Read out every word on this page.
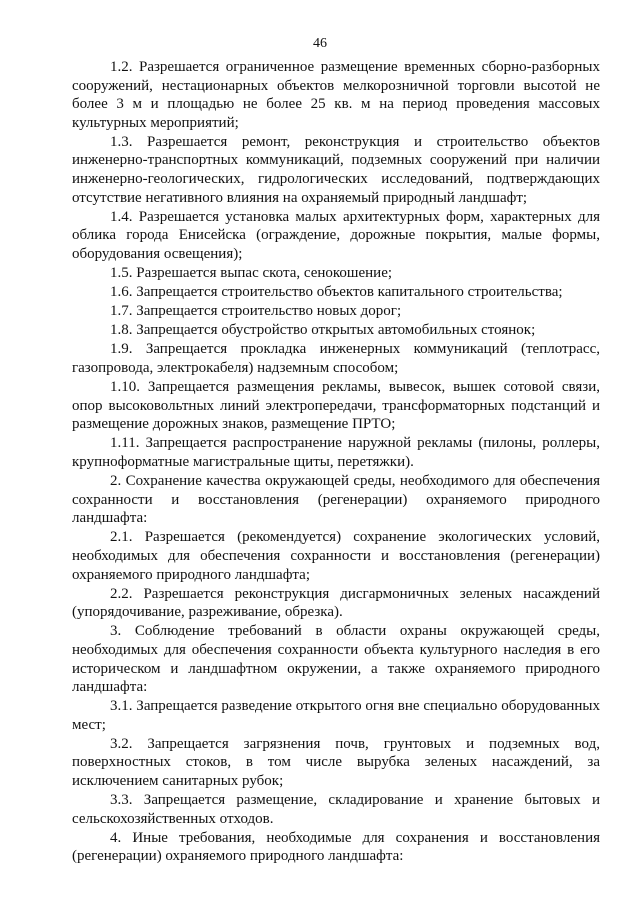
46

1.2. Разрешается ограниченное размещение временных сборно-разборных сооружений, нестационарных объектов мелкорозничной торговли высотой не более 3 м и площадью не более 25 кв. м на период проведения массовых культурных мероприятий;

1.3. Разрешается ремонт, реконструкция и строительство объектов инженерно-транспортных коммуникаций, подземных сооружений при наличии инженерно-геологических, гидрологических исследований, подтверждающих отсутствие негативного влияния на охраняемый природный ландшафт;

1.4. Разрешается установка малых архитектурных форм, характерных для облика города Енисейска (ограждение, дорожные покрытия, малые формы, оборудования освещения);

1.5. Разрешается выпас скота, сенокошение;

1.6. Запрещается строительство объектов капитального строительства;

1.7. Запрещается строительство новых дорог;

1.8. Запрещается обустройство открытых автомобильных стоянок;

1.9. Запрещается прокладка инженерных коммуникаций (теплотрасс, газопровода, электрокабеля) надземным способом;

1.10. Запрещается размещения рекламы, вывесок, вышек сотовой связи, опор высоковольтных линий электропередачи, трансформаторных подстанций и размещение дорожных знаков, размещение ПРТО;

1.11. Запрещается распространение наружной рекламы (пилоны, роллеры, крупноформатные магистральные щиты, перетяжки).

2. Сохранение качества окружающей среды, необходимого для обеспечения сохранности и восстановления (регенерации) охраняемого природного ландшафта:

2.1. Разрешается (рекомендуется) сохранение экологических условий, необходимых для обеспечения сохранности и восстановления (регенерации) охраняемого природного ландшафта;

2.2. Разрешается реконструкция дисгармоничных зеленых насаждений (упорядочивание, разреживание, обрезка).

3. Соблюдение требований в области охраны окружающей среды, необходимых для обеспечения сохранности объекта культурного наследия в его историческом и ландшафтном окружении, а также охраняемого природного ландшафта:

3.1. Запрещается разведение открытого огня вне специально оборудованных мест;

3.2. Запрещается загрязнения почв, грунтовых и подземных вод, поверхностных стоков, в том числе вырубка зеленых насаждений, за исключением санитарных рубок;

3.3. Запрещается размещение, складирование и хранение бытовых и сельскохозяйственных отходов.

4. Иные требования, необходимые для сохранения и восстановления (регенерации) охраняемого природного ландшафта:
